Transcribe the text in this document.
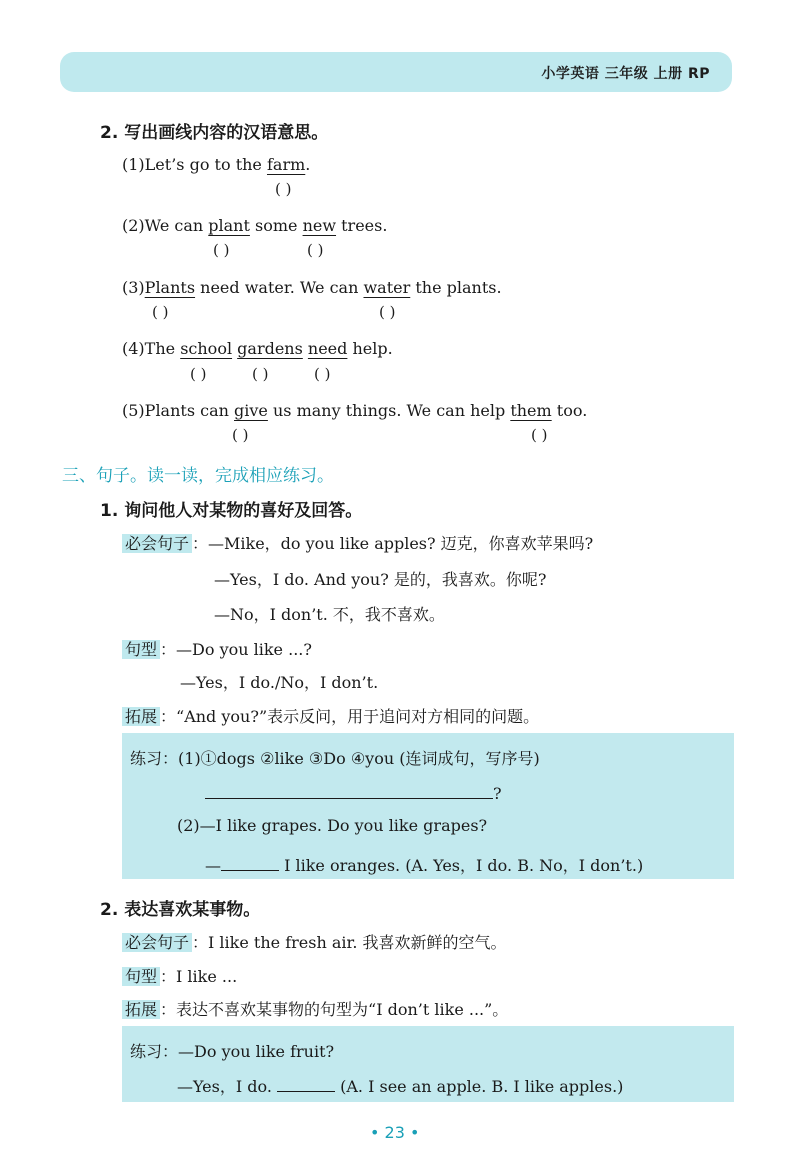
小学英语 三年级 上册 RP
2. 写出画线内容的汉语意思。
(1)Let’s go to the farm.
( )
(2)We can plant some new trees.
( )	( )
(3)Plants need water. We can water the plants.
( )	( )
(4)The school gardens need help.
( )	( )	( )
(5)Plants can give us many things. We can help them too.
( )	( )
三、句子。读一读，完成相应练习。
1. 询问他人对某物的喜好及回答。
必会句子 ：—Mike，do you like apples? 迈克，你喜欢苹果吗?
—Yes，I do. And you? 是的，我喜欢。你呢?
—No，I don’t. 不，我不喜欢。
句型 ：—Do you like ...?
—Yes，I do./No，I don’t.
拓展 ：“And you?”表示反问，用于追问对方相同的问题。
练习：(1)①dogs ②like ③Do ④you (连词成句，写序号)
?
(2)—I like grapes. Do you like grapes?
—	I like oranges. (A. Yes，I do. B. No，I don’t.)
2. 表达喜欢某事物。
必会句子 ：I like the fresh air. 我喜欢新鲜的空气。
句型 ：I like ...
拓展 ：表达不喜欢某事物的句型为“I don’t like ...”。
练习：—Do you like fruit?
—Yes，I do.	(A. I see an apple. B. I like apples.)
• 23 •
